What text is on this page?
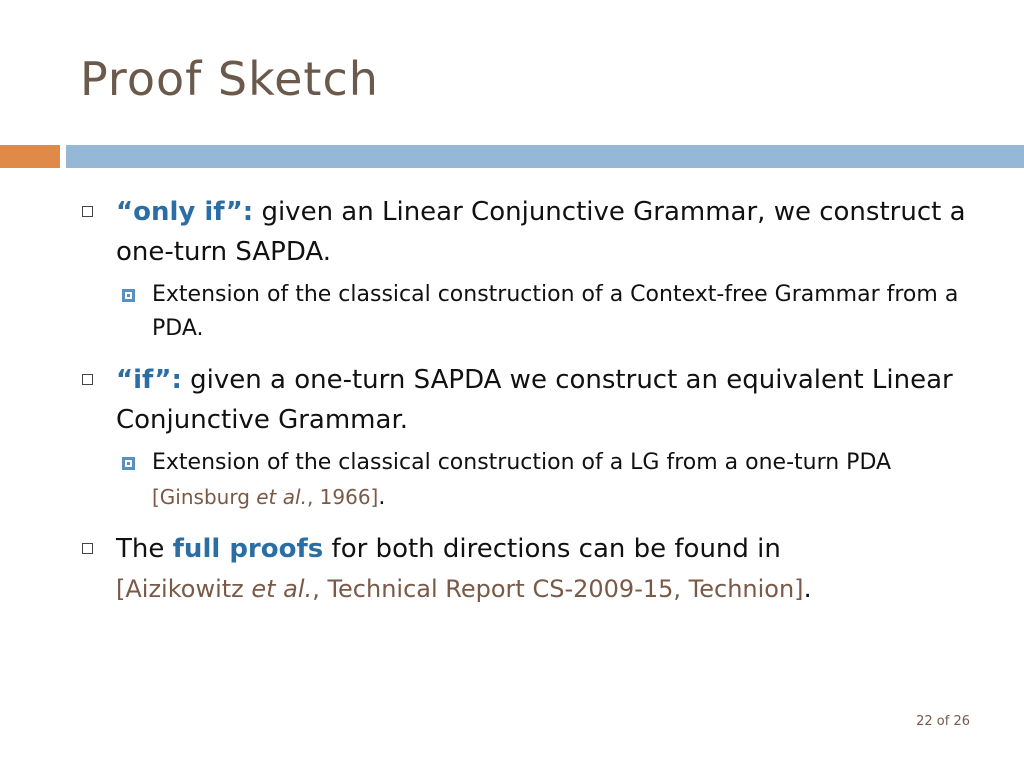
Proof Sketch
“only if”: given an Linear Conjunctive Grammar, we construct a one-turn SAPDA.
Extension of the classical construction of a Context-free Grammar from a PDA.
“if”: given a one-turn SAPDA we construct an equivalent Linear Conjunctive Grammar.
Extension of the classical construction of a LG from a one-turn PDA [Ginsburg et al., 1966].
The full proofs for both directions can be found in
[Aizikowitz et al., Technical Report CS-2009-15, Technion].
22 of 26
